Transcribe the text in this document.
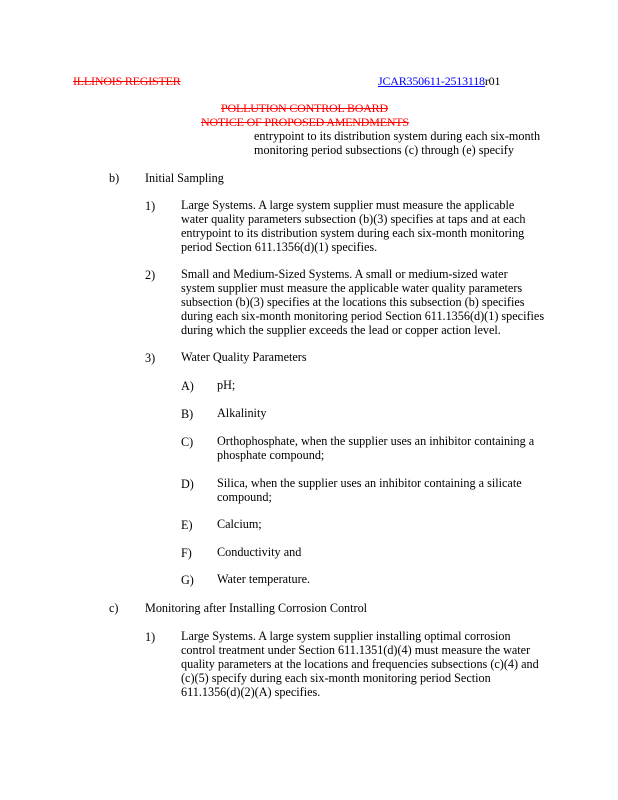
ILLINOIS REGISTER	JCAR350611-2513118r01
POLLUTION CONTROL BOARD
NOTICE OF PROPOSED AMENDMENTS
entrypoint to its distribution system during each six-month
monitoring period subsections (c) through (e) specify
b) Initial Sampling
1) Large Systems. A large system supplier must measure the applicable
water quality parameters subsection (b)(3) specifies at taps and at each
entrypoint to its distribution system during each six-month monitoring
period Section 611.1356(d)(1) specifies.
2) Small and Medium-Sized Systems. A small or medium-sized water
system supplier must measure the applicable water quality parameters
subsection (b)(3) specifies at the locations this subsection (b) specifies
during each six-month monitoring period Section 611.1356(d)(1) specifies
during which the supplier exceeds the lead or copper action level.
3) Water Quality Parameters
A) pH;
B) Alkalinity
C) Orthophosphate, when the supplier uses an inhibitor containing a
phosphate compound;
D) Silica, when the supplier uses an inhibitor containing a silicate
compound;
E) Calcium;
F) Conductivity and
G) Water temperature.
c) Monitoring after Installing Corrosion Control
1) Large Systems. A large system supplier installing optimal corrosion
control treatment under Section 611.1351(d)(4) must measure the water
quality parameters at the locations and frequencies subsections (c)(4) and
(c)(5) specify during each six-month monitoring period Section
611.1356(d)(2)(A) specifies.
